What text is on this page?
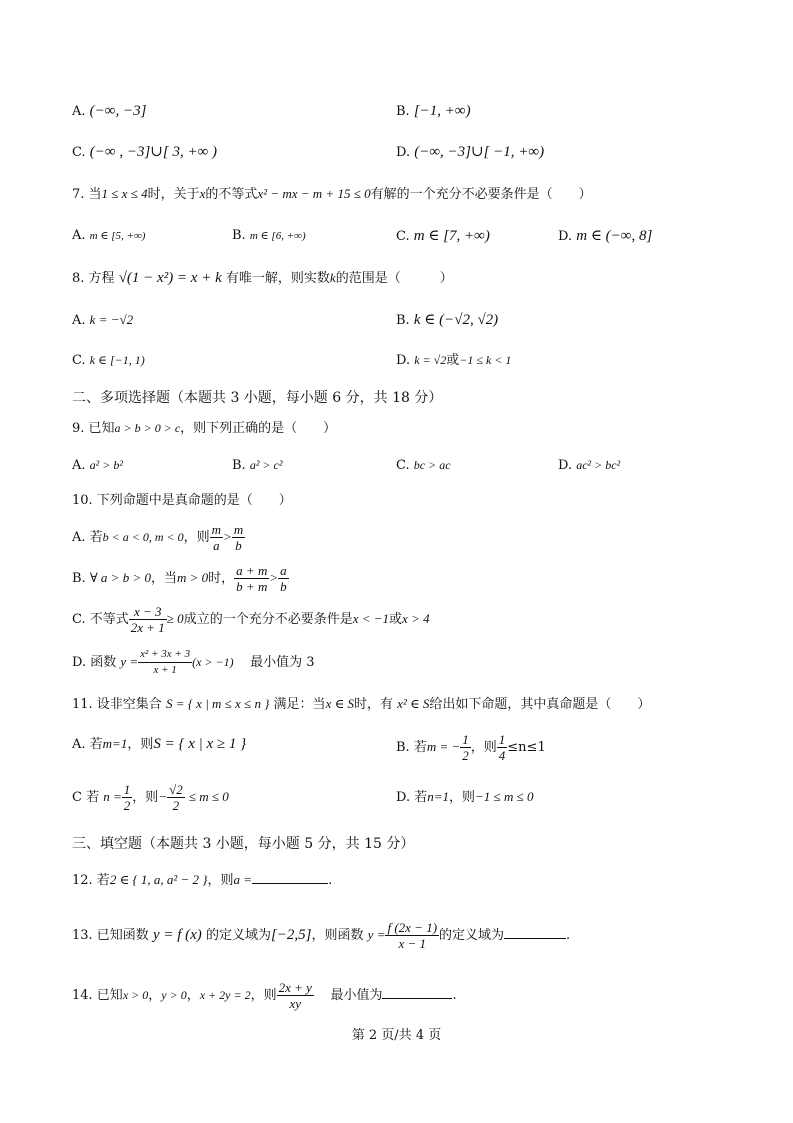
A. (−∞, −3]	B. [−1, +∞)
C. (−∞ , −3]∪[ 3, +∞ )	D. (−∞, −3]∪[ −1, +∞)
7. 当1 ≤ x ≤ 4时，关于x的不等式x² − mx − m + 15 ≤ 0有解的一个充分不必要条件是（　　）
A. m ∈ [5, +∞)	B. m ∈ [6, +∞)	C. m ∈ [7, +∞)	D. m ∈ (−∞, 8]
8. 方程 √(1 − x²) = x + k 有唯一解，则实数k的范围是（　　　）
A. k = −√2	B. k ∈ (−√2, √2)
C. k ∈ [−1, 1)	D. k = √2或−1 ≤ k < 1
二、多项选择题（本题共 3 小题，每小题 6 分，共 18 分）
9. 已知a > b > 0 > c，则下列正确的是（　　）
A. a² > b²	B. a² > c²	C. bc > ac	D. ac² > bc²
10. 下列命题中是真命题的是（　　）
A. 若b < a < 0, m < 0，则 $\frac{m}{a} > \frac{m}{b}$
B. ∀ a > b > 0，当m > 0时， $\frac{a + m}{b + m} > \frac{a}{b}$
C. 不等式 $\frac{x - 3}{2x + 1} \ge 0$成立的一个充分不必要条件是x < −1或x > 4
D. 函数 $y = \frac{\text{x² + 3x + 3}}{x + 1} (x > -1)$ 最小值为 3
11. 设非空集合 S = { x | m ≤ x ≤ n } 满足：当x ∈ S时，有 x² ∈ S给出如下命题，其中真命题是（　　）
A. 若m=1，则S = { x | x ≥ 1 }	B. 若m = − $\frac{1}{2}$ ，则 $\frac{1}{4} \le n\le 1$
C 若 $n = \frac{1}{2}$ ，则− $\frac{√2}{2} \le m \le 0$	D. 若n=1，则−1 ≤ m ≤ 0
三、填空题（本题共 3 小题，每小题 5 分，共 15 分）
12. 若2 ∈ { 1, a, a² − 2 }，则a =	.
13. 已知函数 y = f (x) 的定义域为[−2,5]，则函数 $y = \frac{f (2x - 1)}{x - 1}$ 的定义域为	.
14. 已知x > 0，y > 0，x + 2y = 2，则 $\frac{2x + y}{xy}$ 最小值为	.
第 2 页/共 4 页
